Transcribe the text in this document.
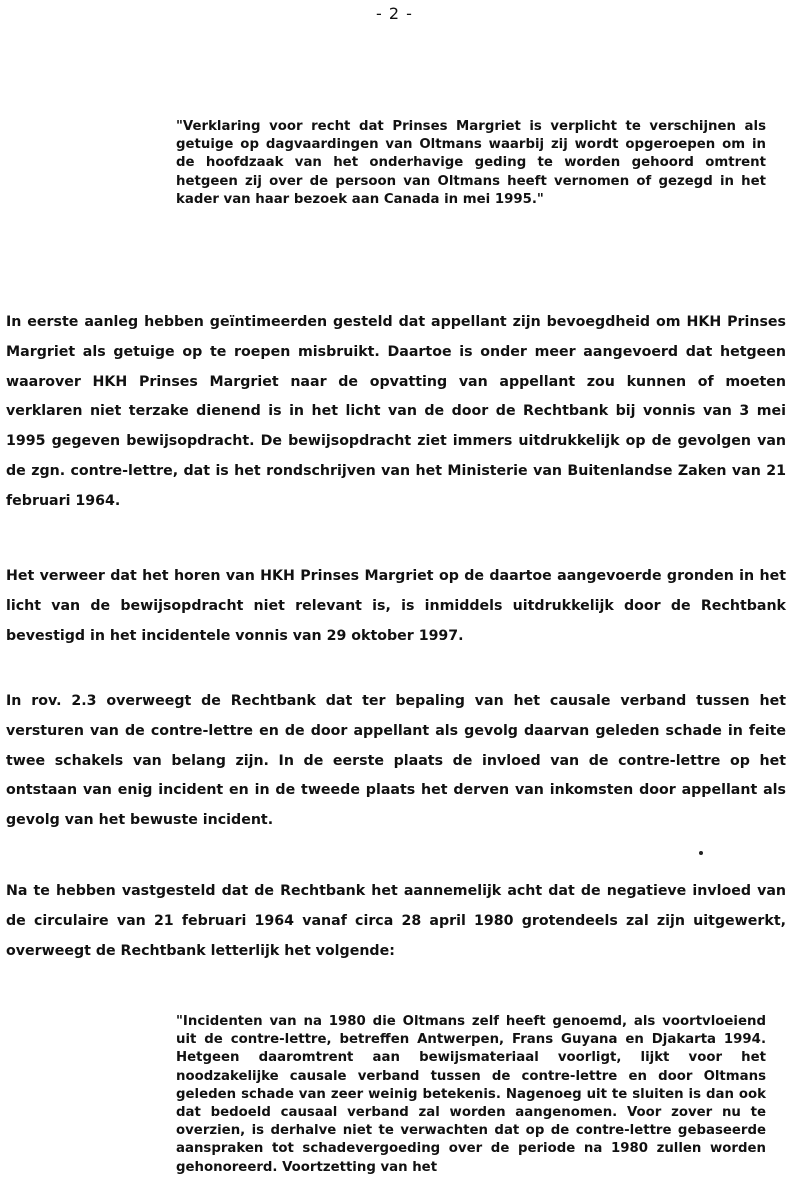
- 2 -
"Verklaring voor recht dat Prinses Margriet is verplicht te verschijnen als getuige op dagvaardingen van Oltmans waarbij zij wordt opgeroepen om in de hoofdzaak van het onderhavige geding te worden gehoord omtrent hetgeen zij over de persoon van Oltmans heeft vernomen of gezegd in het kader van haar bezoek aan Canada in mei 1995."
In eerste aanleg hebben geïntimeerden gesteld dat appellant zijn bevoegdheid om HKH Prinses Margriet als getuige op te roepen misbruikt. Daartoe is onder meer aangevoerd dat hetgeen waarover HKH Prinses Margriet naar de opvatting van appellant zou kunnen of moeten verklaren niet terzake dienend is in het licht van de door de Rechtbank bij vonnis van 3 mei 1995 gegeven bewijsopdracht. De bewijsopdracht ziet immers uitdrukkelijk op de gevolgen van de zgn. contre-lettre, dat is het rondschrijven van het Ministerie van Buitenlandse Zaken van 21 februari 1964.
Het verweer dat het horen van HKH Prinses Margriet op de daartoe aangevoerde gronden in het licht van de bewijsopdracht niet relevant is, is inmiddels uitdrukkelijk door de Rechtbank bevestigd in het incidentele vonnis van 29 oktober 1997.
In rov. 2.3 overweegt de Rechtbank dat ter bepaling van het causale verband tussen het versturen van de contre-lettre en de door appellant als gevolg daarvan geleden schade in feite twee schakels van belang zijn. In de eerste plaats de invloed van de contre-lettre op het ontstaan van enig incident en in de tweede plaats het derven van inkomsten door appellant als gevolg van het bewuste incident.
Na te hebben vastgesteld dat de Rechtbank het aannemelijk acht dat de negatieve invloed van de circulaire van 21 februari 1964 vanaf circa 28 april 1980 grotendeels zal zijn uitgewerkt, overweegt de Rechtbank letterlijk het volgende:
"Incidenten van na 1980 die Oltmans zelf heeft genoemd, als voortvloeiend uit de contre-lettre, betreffen Antwerpen, Frans Guyana en Djakarta 1994. Hetgeen daaromtrent aan bewijsmateriaal voorligt, lijkt voor het noodzakelijke causale verband tussen de contre-lettre en door Oltmans geleden schade van zeer weinig betekenis. Nagenoeg uit te sluiten is dan ook dat bedoeld causaal verband zal worden aangenomen. Voor zover nu te overzien, is derhalve niet te verwachten dat op de contre-lettre gebaseerde aanspraken tot schadevergoeding over de periode na 1980 zullen worden gehonoreerd. Voortzetting van het
